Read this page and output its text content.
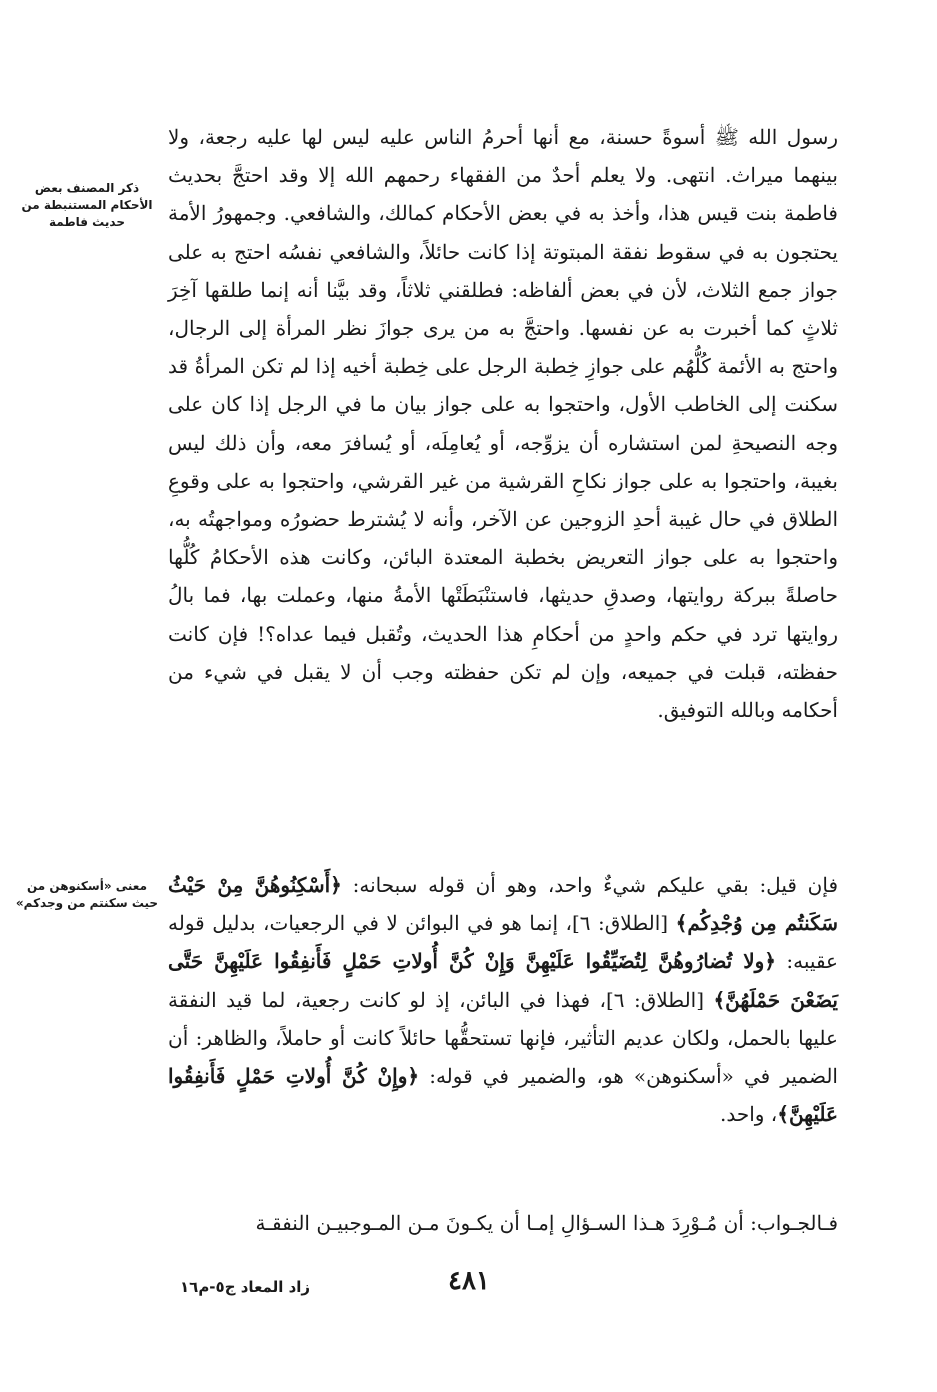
ذكر المصنف بعض الأحكام المستنبطة من حديث فاطمة

رسول الله ﷺ أسوةً حسنة، مع أنها أحرمُ الناس عليه ليس لها عليه رجعة، ولا بينهما ميراث. انتهى. ولا يعلم أحدٌ من الفقهاء رحمهم الله إلا وقد احتجَّ بحديث فاطمة بنت قيس هذا، وأخذ به في بعض الأحكام كمالك، والشافعي. وجمهورُ الأمة يحتجون به في سقوط نفقة المبتوتة إذا كانت حائلاً، والشافعي نفسُه احتج به على جواز جمع الثلاث، لأن في بعض ألفاظه: فطلقني ثلاثاً، وقد بيَّنا أنه إنما طلقها آخِرَ ثلاثٍ كما أخبرت به عن نفسها. واحتجَّ به من يرى جوازَ نظر المرأة إلى الرجال، واحتج به الأئمة كُلُّهُم على جوازِ خِطبة الرجل على خِطبة أخيه إذا لم تكن المرأةُ قد سكنت إلى الخاطب الأول، واحتجوا به على جواز بيان ما في الرجل إذا كان على وجه النصيحةِ لمن استشاره أن يزوِّجه، أو يُعامِلَه، أو يُسافرَ معه، وأن ذلك ليس بغيبة، واحتجوا به على جواز نكاحِ القرشية من غير القرشي، واحتجوا به على وقوعِ الطلاق في حال غيبة أحدِ الزوجين عن الآخر، وأنه لا يُشترط حضورُه ومواجهتُه به، واحتجوا به على جواز التعريض بخطبة المعتدة البائن، وكانت هذه الأحكامُ كُلُّها حاصلةً ببركة روايتها، وصدقِ حديثها، فاستنْبَطَتْها الأمةُ منها، وعملت بها، فما بالُ روايتها ترد في حكم واحدٍ من أحكامِ هذا الحديث، وتُقبل فيما عداه؟! فإن كانت حفظته، قبلت في جميعه، وإن لم تكن حفظته وجب أن لا يقبل في شيء من أحكامه وبالله التوفيق.

معنى «أسكنوهن من حيث سكنتم من وجدكم»

فإن قيل: بقي عليكم شيءٌ واحد، وهو أن قوله سبحانه: ﴿أَسْكِنُوهُنَّ مِنْ حَيْثُ سَكَنتُم مِن وُجْدِكُم﴾ [الطلاق: ٦]، إنما هو في البوائن لا في الرجعيات، بدليل قوله عقيبه: ﴿ولا تُضارُوهُنَّ لِتُضَيِّقُوا عَلَيْهِنَّ وَإِنْ كُنَّ أُولاتِ حَمْلٍ فَأَنفِقُوا عَلَيْهِنَّ حَتَّى يَضَعْنَ حَمْلَهُنَّ﴾ [الطلاق: ٦]، فهذا في البائن، إذ لو كانت رجعية، لما قيد النفقة عليها بالحمل، ولكان عديم التأثير، فإنها تستحقُّها حائلاً كانت أو حاملاً، والظاهر: أن الضمير في «أسكنوهن» هو، والضمير في قوله: ﴿وإِنْ كُنَّ أُولاتِ حَمْلٍ فَأَنفِقُوا عَلَيْهِنَّ﴾، واحد.

فـالجـواب: أن مُـوْرِدَ هـذا السـؤالِ إمـا أن يكـونَ مـن المـوجبيـن النفقـة

٤٨١

زاد المعاد ج٥-م١٦
